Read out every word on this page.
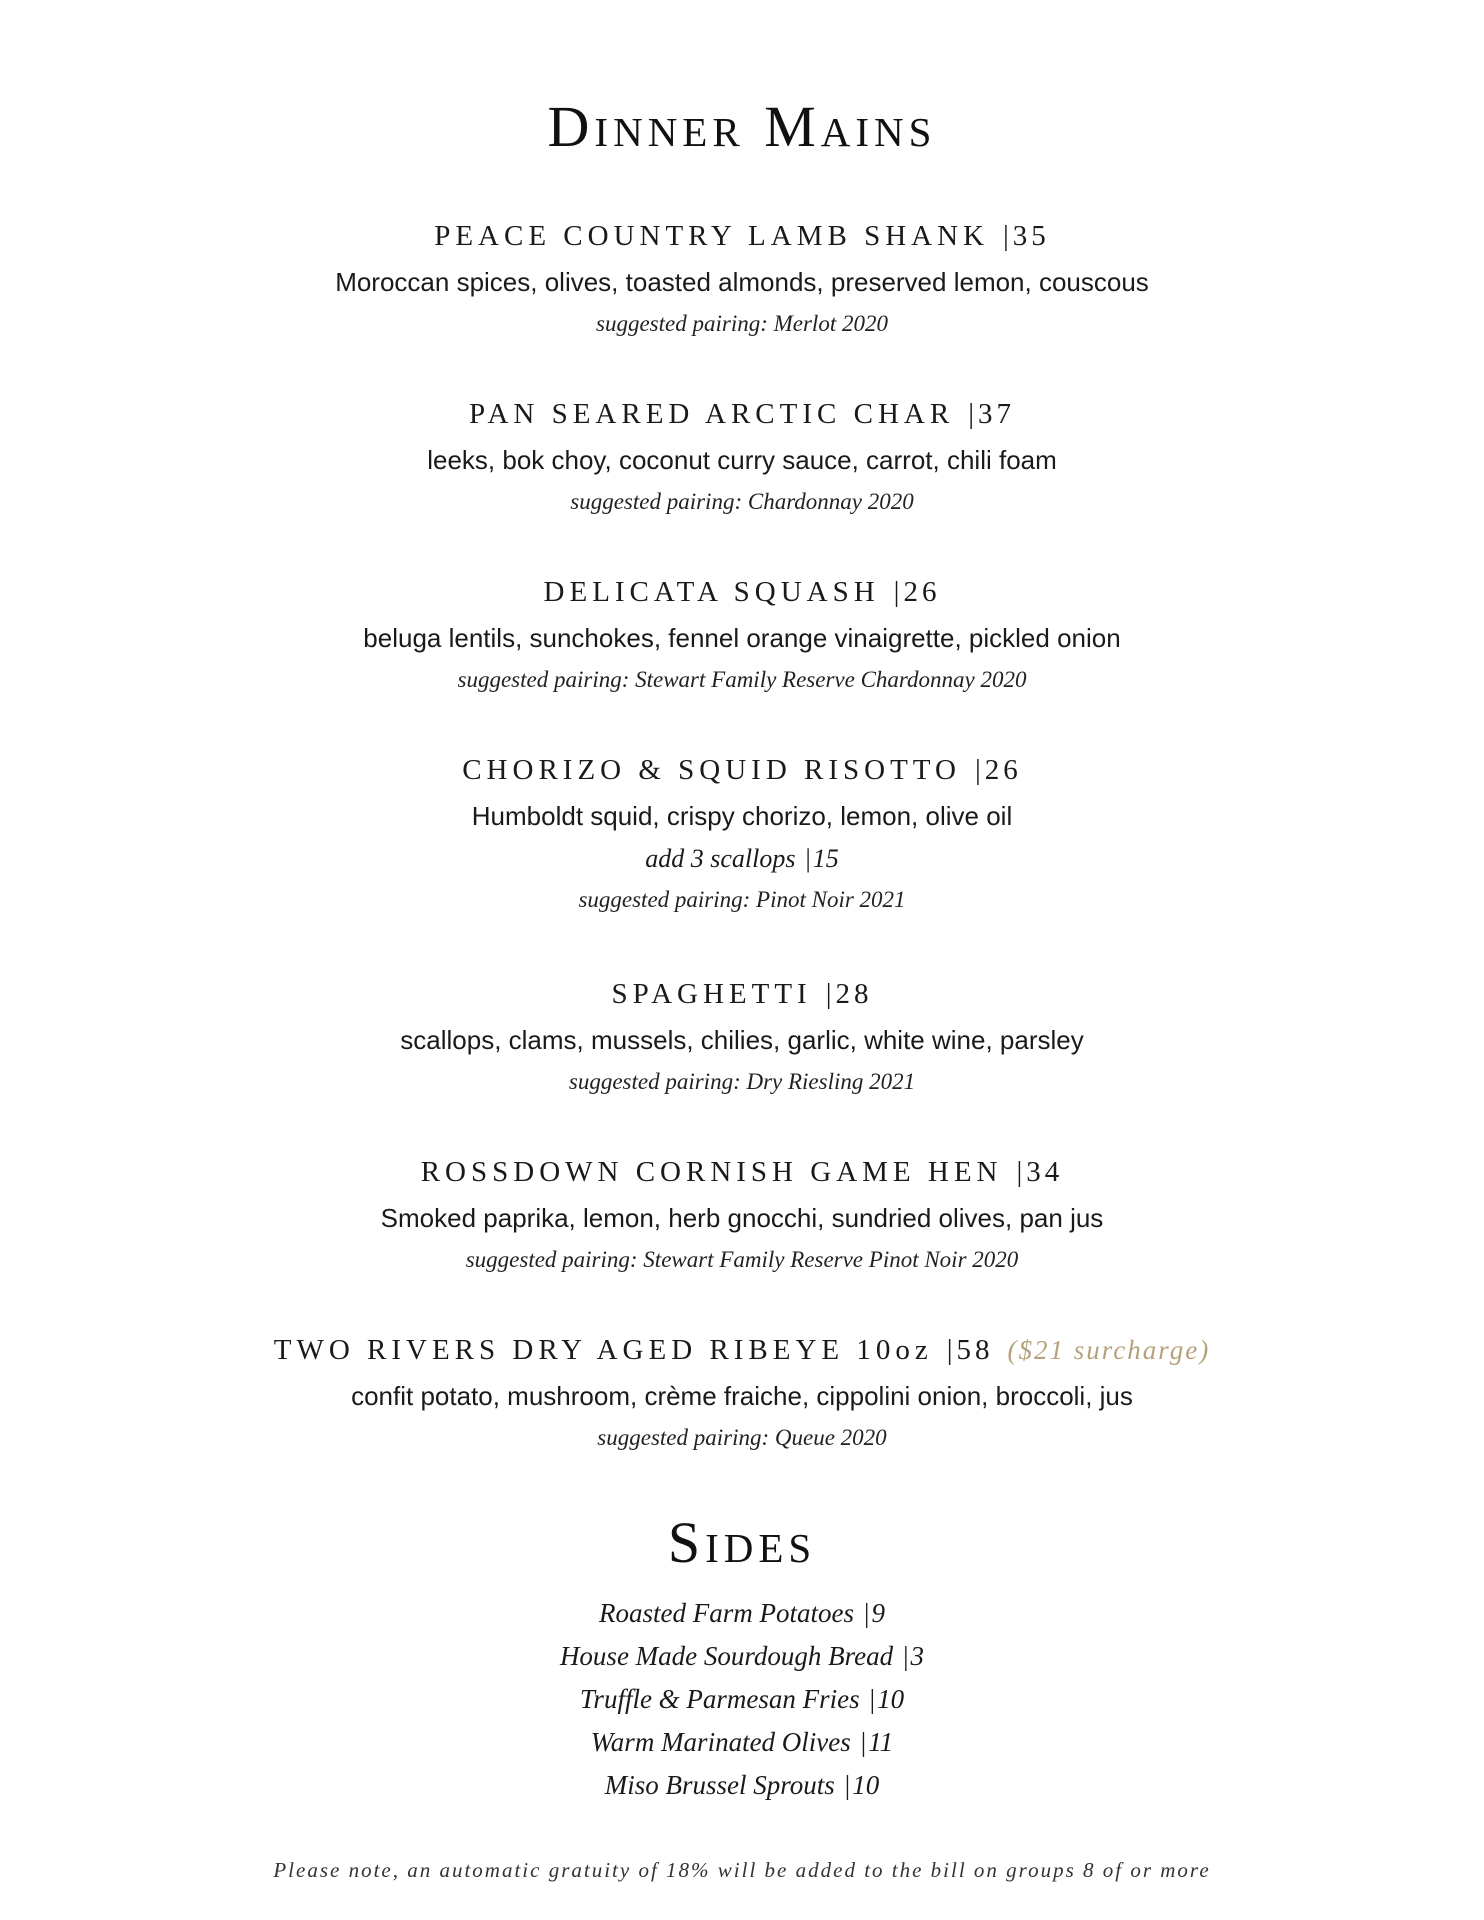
Dinner Mains
PEACE COUNTRY LAMB SHANK | 35
Moroccan spices, olives, toasted almonds, preserved lemon, couscous
suggested pairing: Merlot 2020
PAN SEARED ARCTIC CHAR | 37
leeks, bok choy, coconut curry sauce, carrot, chili foam
suggested pairing: Chardonnay 2020
DELICATA SQUASH | 26
beluga lentils, sunchokes, fennel orange vinaigrette, pickled onion
suggested pairing: Stewart Family Reserve Chardonnay 2020
CHORIZO & SQUID RISOTTO | 26
Humboldt squid, crispy chorizo, lemon, olive oil
add 3 scallops | 15
suggested pairing: Pinot Noir 2021
SPAGHETTI | 28
scallops, clams, mussels, chilies, garlic, white wine, parsley
suggested pairing: Dry Riesling 2021
ROSSDOWN CORNISH GAME HEN | 34
Smoked paprika, lemon, herb gnocchi, sundried olives, pan jus
suggested pairing: Stewart Family Reserve Pinot Noir 2020
TWO RIVERS DRY AGED RIBEYE 10oz | 58 ($21 surcharge)
confit potato, mushroom, crème fraiche, cippolini onion, broccoli, jus
suggested pairing: Queue 2020
Sides
Roasted Farm Potatoes | 9
House Made Sourdough Bread | 3
Truffle & Parmesan Fries | 10
Warm Marinated Olives | 11
Miso Brussel Sprouts | 10
Please note, an automatic gratuity of 18% will be added to the bill on groups 8 of or more
